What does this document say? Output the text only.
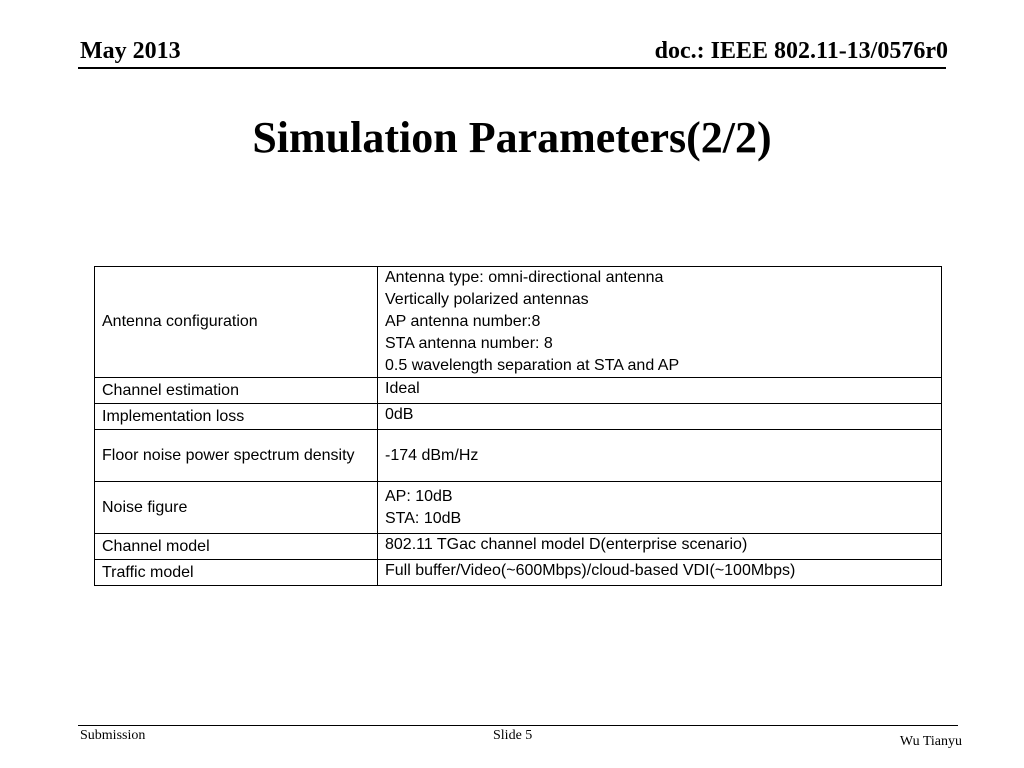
May 2013	doc.: IEEE 802.11-13/0576r0
Simulation Parameters(2/2)
Antenna configuration	Antenna type: omni-directional antenna
Vertically polarized antennas
AP antenna number:8
STA antenna number: 8
0.5 wavelength separation at STA and AP

Channel estimation	Ideal
Implementation loss	0dB
Floor noise power spectrum density	-174 dBm/Hz
Noise figure	AP: 10dB
STA: 10dB

Channel model	802.11 TGac channel model D(enterprise scenario)
Traffic model	Full buffer/Video(~600Mbps)/cloud-based VDI(~100Mbps)
Submission	Slide 5	Wu Tianyu
